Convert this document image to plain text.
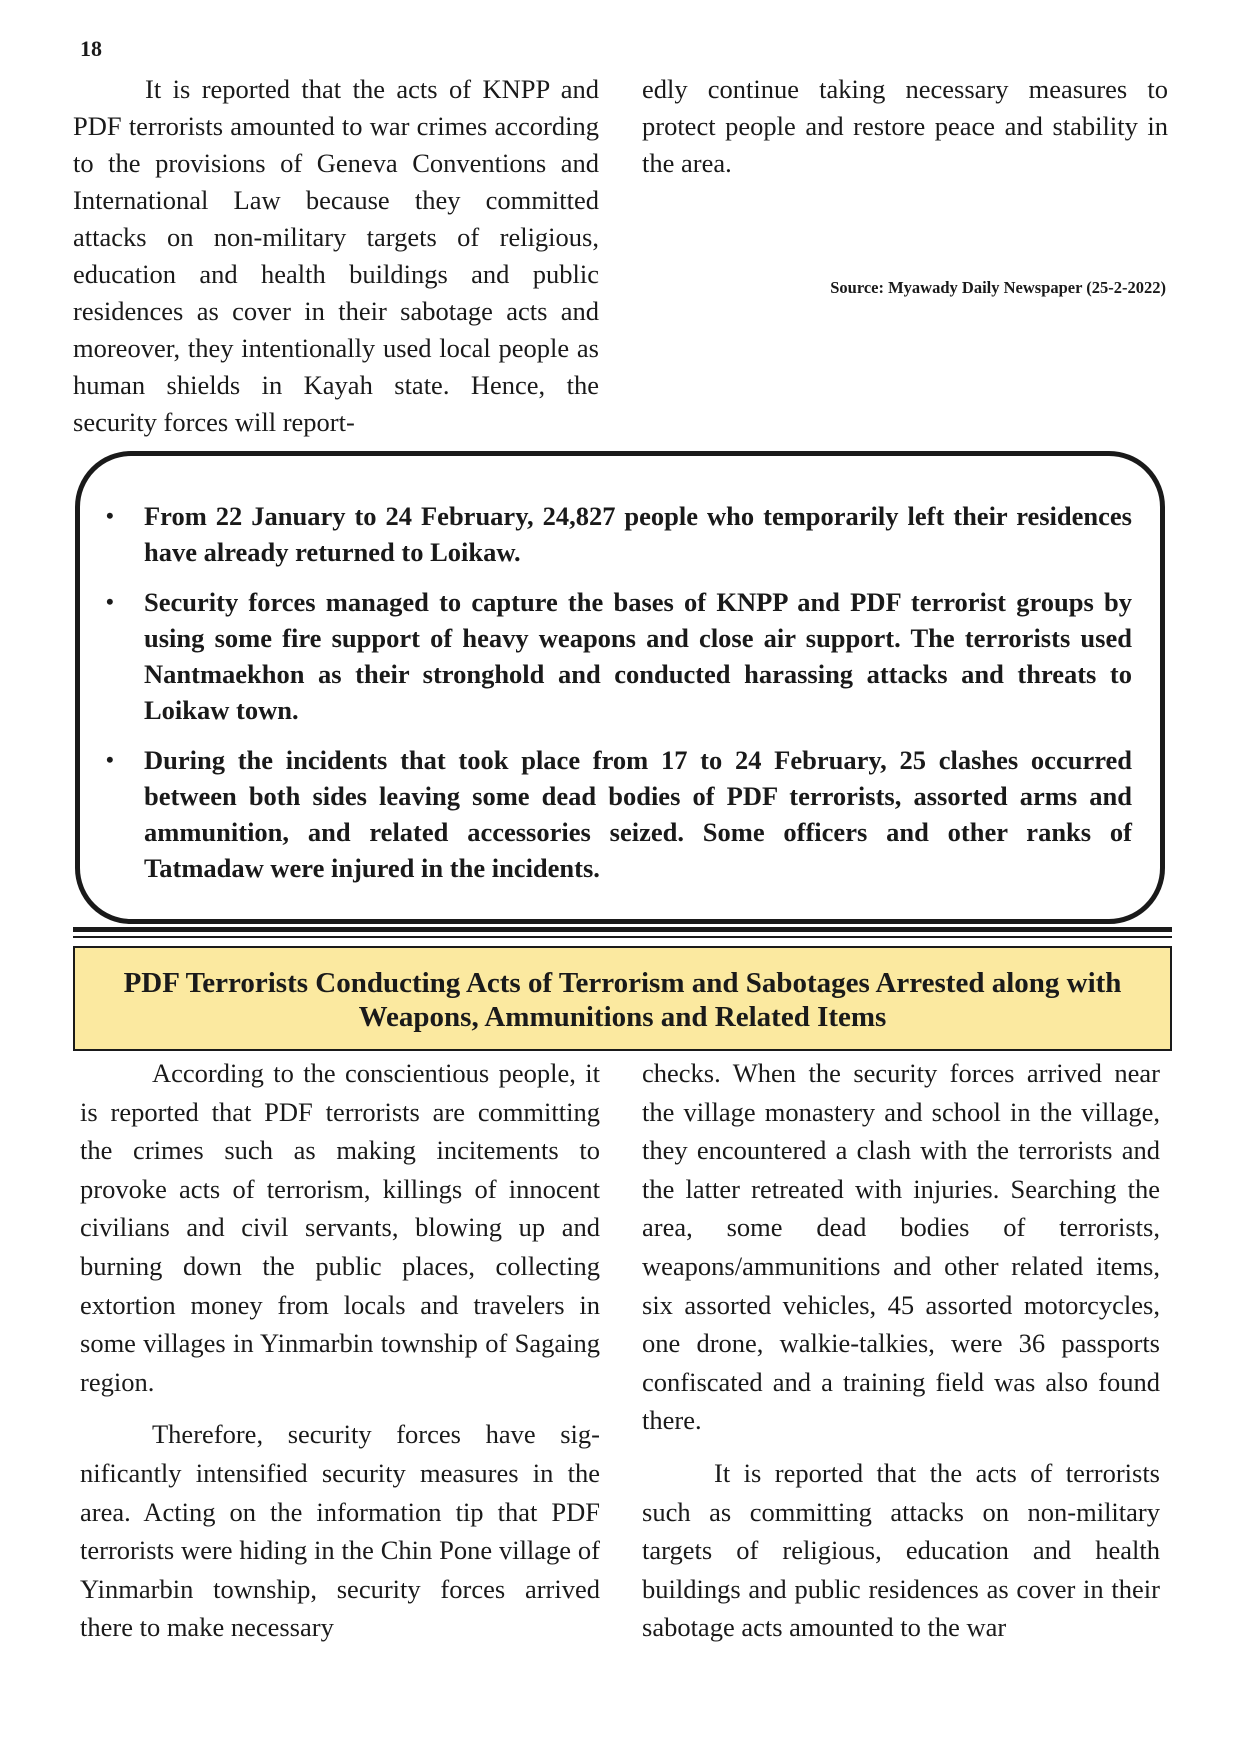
18

It is reported that the acts of KNPP and PDF terrorists amounted to war crimes according to the provisions of Geneva Conventions and International Law because they committed attacks on non-military targets of religious, education and health buildings and public residences as cover in their sabotage acts and moreover, they intentionally used local people as human shields in Kayah state. Hence, the security forces will report-

edly continue taking necessary measures to protect people and restore peace and stability in the area.

Source: Myawady Daily Newspaper (25-2-2022)
• From 22 January to 24 February, 24,827 people who temporarily left their residences have already returned to Loikaw.
• Security forces managed to capture the bases of KNPP and PDF terrorist groups by using some fire support of heavy weapons and close air support. The terrorists used Nantmaekhon as their stronghold and conducted harassing attacks and threats to Loikaw town.
• During the incidents that took place from 17 to 24 February, 25 clashes occurred between both sides leaving some dead bodies of PDF terrorists, assorted arms and ammunition, and related accessories seized. Some officers and other ranks of Tatmadaw were injured in the incidents.
PDF Terrorists Conducting Acts of Terrorism and Sabotages Arrested along with
Weapons, Ammunitions and Related Items

According to the conscientious people, it is reported that PDF terrorists are committing the crimes such as making incitements to provoke acts of terrorism, killings of innocent civilians and civil servants, blowing up and burning down the public places, collecting extortion money from locals and travelers in some villages in Yinmarbin township of Sagaing region.

Therefore, security forces have significantly intensified security measures in the area. Acting on the information tip that PDF terrorists were hiding in the Chin Pone village of Yinmarbin township, security forces arrived there to make necessary

checks. When the security forces arrived near the village monastery and school in the village, they encountered a clash with the terrorists and the latter retreated with injuries. Searching the area, some dead bodies of terrorists, weapons/ammunitions and other related items, six assorted vehicles, 45 assorted motorcycles, one drone, walkie-talkies, were 36 passports confiscated and a training field was also found there.

It is reported that the acts of terrorists such as committing attacks on non-military targets of religious, education and health buildings and public residences as cover in their sabotage acts amounted to the war
